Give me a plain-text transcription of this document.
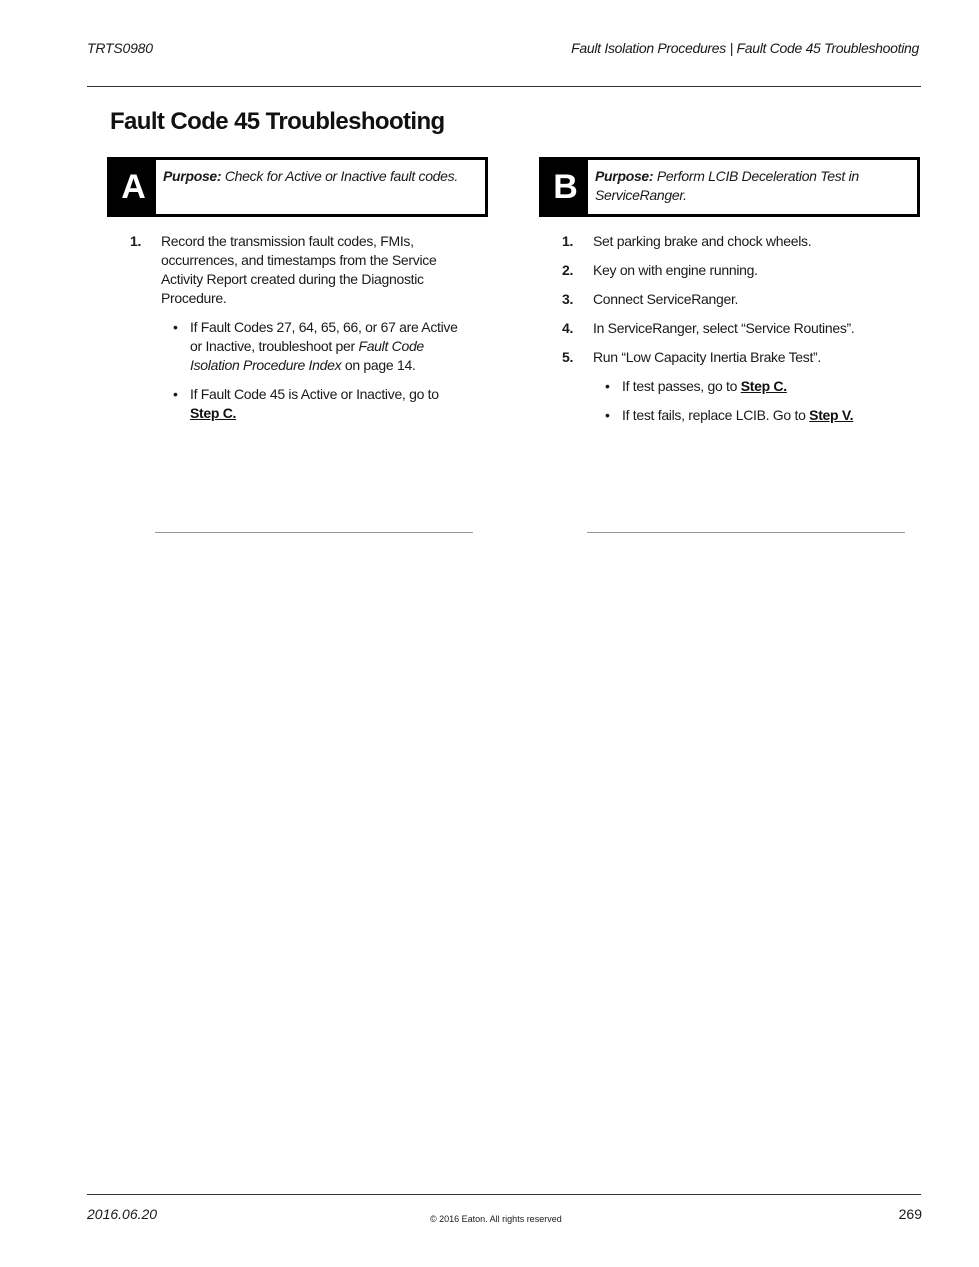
TRTS0980	Fault Isolation Procedures | Fault Code 45 Troubleshooting
Fault Code 45 Troubleshooting
A	Purpose: Check for Active or Inactive fault codes.	B	Purpose: Perform LCIB Deceleration Test in ServiceRanger.
1. Record the transmission fault codes, FMIs, occurrences, and timestamps from the Service Activity Report created during the Diagnostic Procedure.
• If Fault Codes 27, 64, 65, 66, or 67 are Active or Inactive, troubleshoot per Fault Code Isolation Procedure Index on page 14.
• If Fault Code 45 is Active or Inactive, go to Step C.
1. Set parking brake and chock wheels.
2. Key on with engine running.
3. Connect ServiceRanger.
4. In ServiceRanger, select “Service Routines”.
5. Run “Low Capacity Inertia Brake Test”.
• If test passes, go to Step C.
• If test fails, replace LCIB. Go to Step V.
2016.06.20	© 2016 Eaton. All rights reserved	269
